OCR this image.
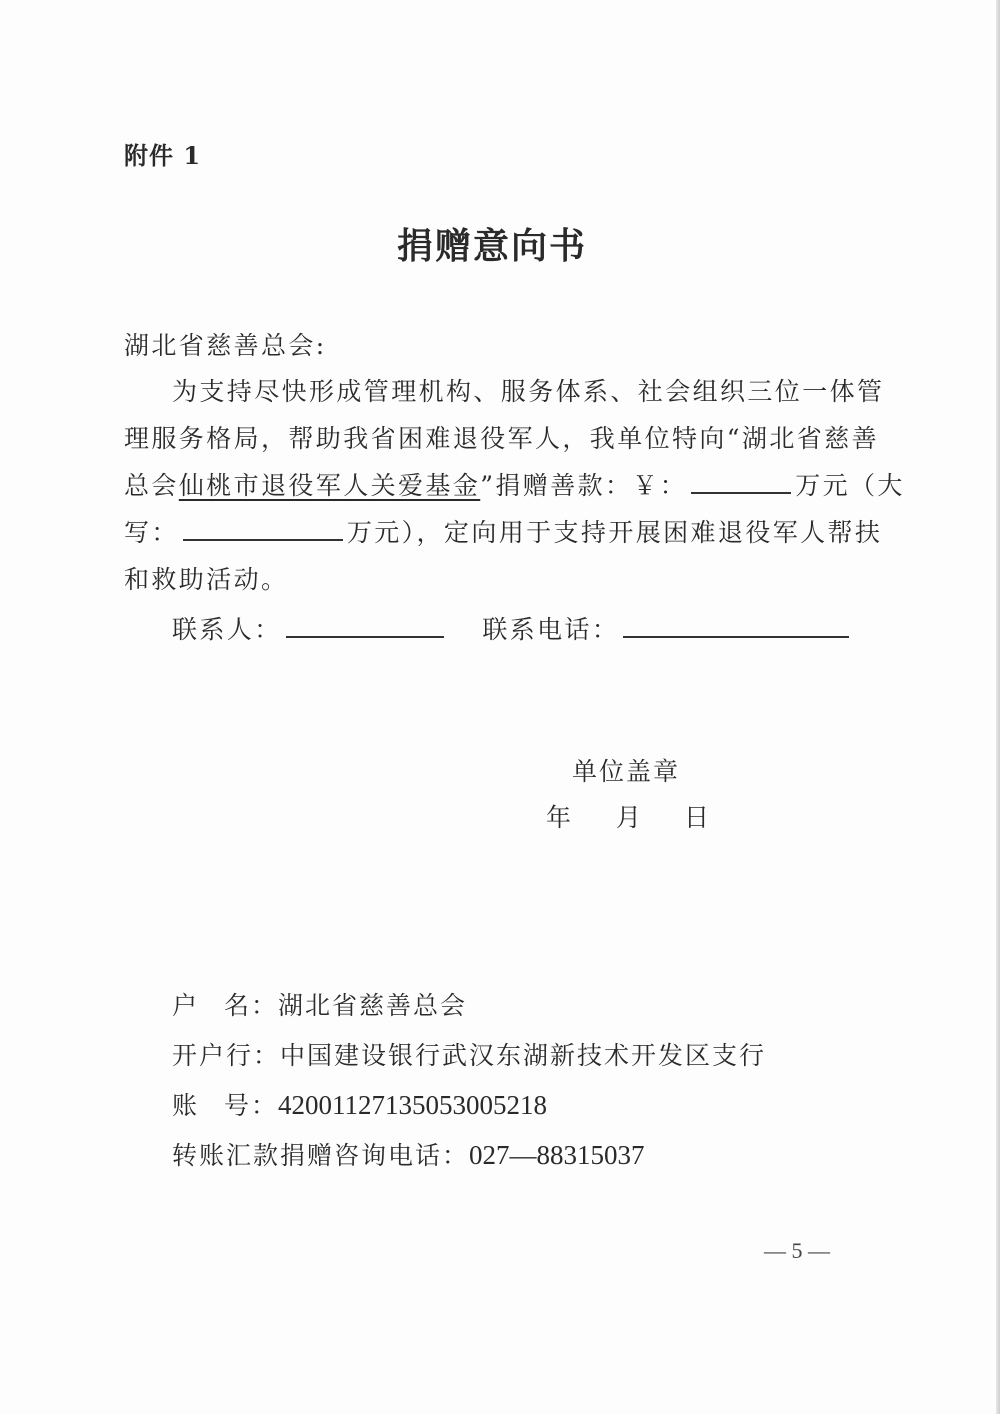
附件 1
捐赠意向书
湖北省慈善总会:
为支持尽快形成管理机构、服务体系、社会组织三位一体管
理服务格局，帮助我省困难退役军人，我单位特向“湖北省慈善
总会仙桃市退役军人关爱基金”捐赠善款：￥：	万元（大
写：	万元），定向用于支持开展困难退役军人帮扶
和救助活动。
联系人：	联系电话：
单位盖章
年 月 日
户 名：湖北省慈善总会
开户行：中国建设银行武汉东湖新技术开发区支行
账 号：42001127135053005218
转账汇款捐赠咨询电话：027—88315037
— 5 —
